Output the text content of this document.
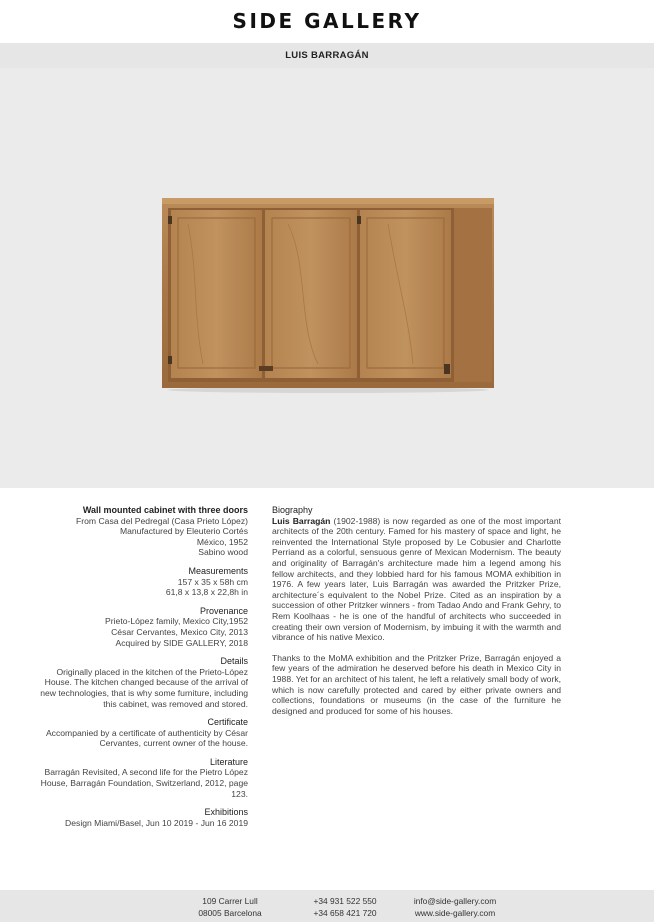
SIDE GALLERY
LUIS BARRAGÁN
Wall mounted cabinet with three doors
From Casa del Pedregal (Casa Prieto López)
Manufactured by Eleuterio Cortés
México, 1952
Sabino wood
Measurements
157 x 35 x 58h cm
61,8 x 13,8 x 22,8h in
Provenance
Prieto-López family, Mexico City,1952
César Cervantes, Mexico City, 2013
Acquired by SIDE GALLERY, 2018
Details
Originally placed in the kitchen of the Prieto-López House. The kitchen changed because of the arrival of new technologies, that is why some furniture, including this cabinet, was removed and stored.
Certificate
Accompanied by a certificate of authenticity by César Cervantes, current owner of the house.
Literature
Barragán Revisited, A second life for the Pietro López House, Barragán Foundation, Switzerland, 2012, page 123.
Exhibitions
Design Miami/Basel, Jun 10 2019 - Jun 16 2019
Biography

Luis Barragán (1902-1988) is now regarded as one of the most important architects of the 20th century. Famed for his mastery of space and light, he reinvented the International Style proposed by Le Cobusier and Charlotte Perriand as a colorful, sensuous genre of Mexican Modernism. The beauty and originality of Barragán's architecture made him a legend among his fellow architects, and they lobbied hard for his famous MOMA exhibition in 1976. A few years later, Luis Barragán was awarded the Pritzker Prize, architecture´s equivalent to the Nobel Prize. Cited as an inspiration by a succession of other Pritzker winners - from Tadao Ando and Frank Gehry, to Rem Koolhaas - he is one of the handful of architects who succeeded in creating their own version of Modernism, by imbuing it with the warmth and vibrance of his native Mexico.

Thanks to the MoMA exhibition and the Pritzker Prize, Barragán enjoyed a few years of the admiration he deserved before his death in Mexico City in 1988. Yet for an architect of his talent, he left a relatively small body of work, which is now carefully protected and cared by either private owners and collections, foundations or museums (in the case of the furniture he designed and produced for some of his houses.

109 Carrer Lull
08005 Barcelona
+34 931 522 550
+34 658 421 720
info@side-gallery.com
www.side-gallery.com
